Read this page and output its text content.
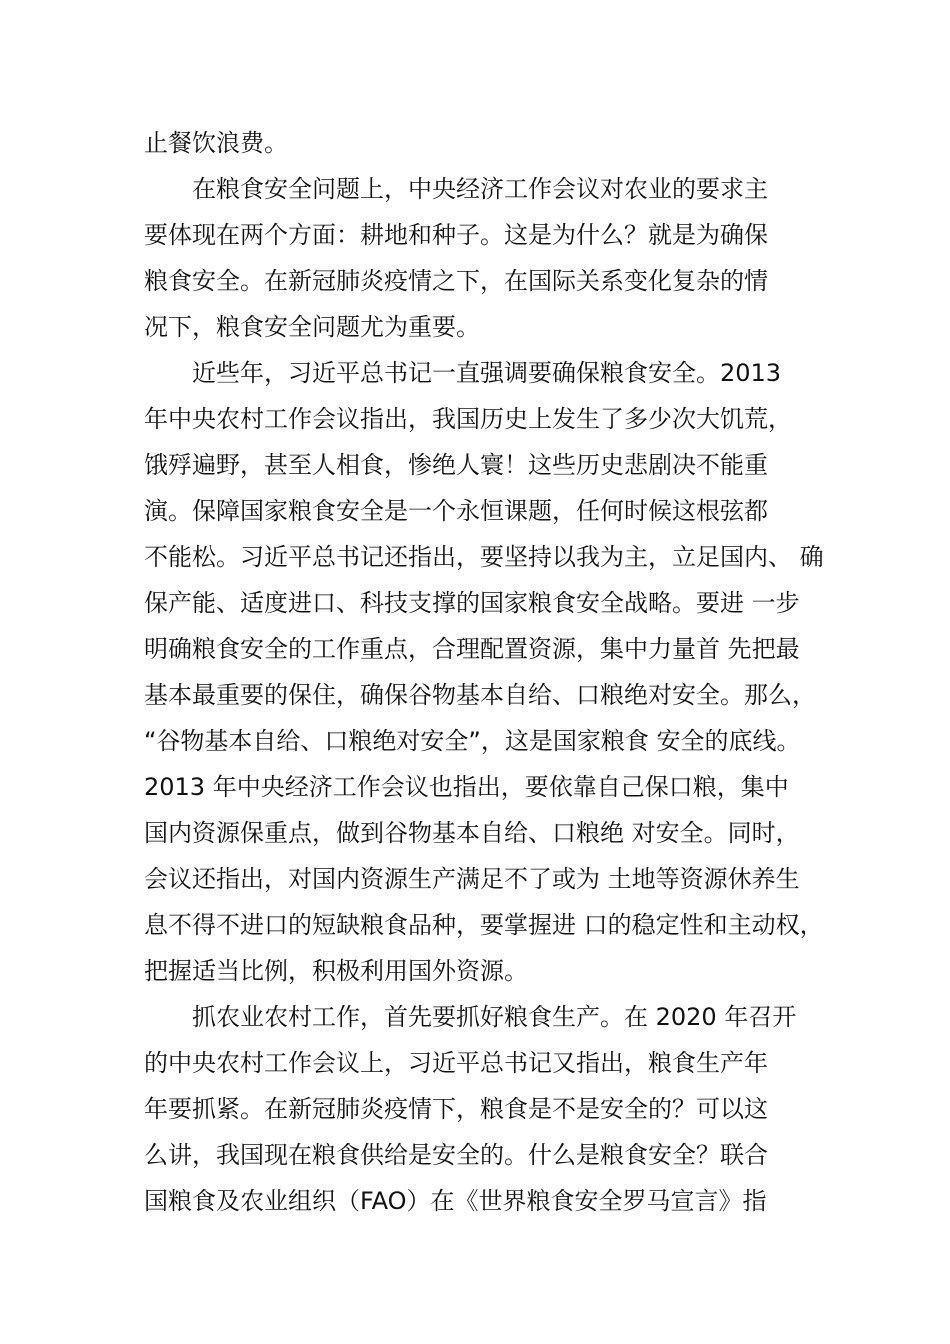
止餐饮浪费。
在粮食安全问题上，中央经济工作会议对农业的要求主
要体现在两个方面：耕地和种子。这是为什么？就是为确保
粮食安全。在新冠肺炎疫情之下，在国际关系变化复杂的情
况下，粮食安全问题尤为重要。
近些年，习近平总书记一直强调要确保粮食安全。2013
年中央农村工作会议指出，我国历史上发生了多少次大饥荒，
饿殍遍野，甚至人相食，惨绝人寰！这些历史悲剧决不能重
演。保障国家粮食安全是一个永恒课题，任何时候这根弦都
不能松。习近平总书记还指出，要坚持以我为主，立足国内、 确
保产能、适度进口、科技支撑的国家粮食安全战略。要进 一步
明确粮食安全的工作重点，合理配置资源，集中力量首 先把最
基本最重要的保住，确保谷物基本自给、口粮绝对安全。那么，
“谷物基本自给、口粮绝对安全”，这是国家粮食 安全的底线。
2013 年中央经济工作会议也指出，要依靠自己保口粮，集中
国内资源保重点，做到谷物基本自给、口粮绝 对安全。同时，
会议还指出，对国内资源生产满足不了或为 土地等资源休养生
息不得不进口的短缺粮食品种，要掌握进 口的稳定性和主动权，
把握适当比例，积极利用国外资源。
抓农业农村工作，首先要抓好粮食生产。在 2020 年召开
的中央农村工作会议上，习近平总书记又指出，粮食生产年
年要抓紧。在新冠肺炎疫情下，粮食是不是安全的？可以这
么讲，我国现在粮食供给是安全的。什么是粮食安全？联合
国粮食及农业组织（FAO）在《世界粮食安全罗马宣言》指
